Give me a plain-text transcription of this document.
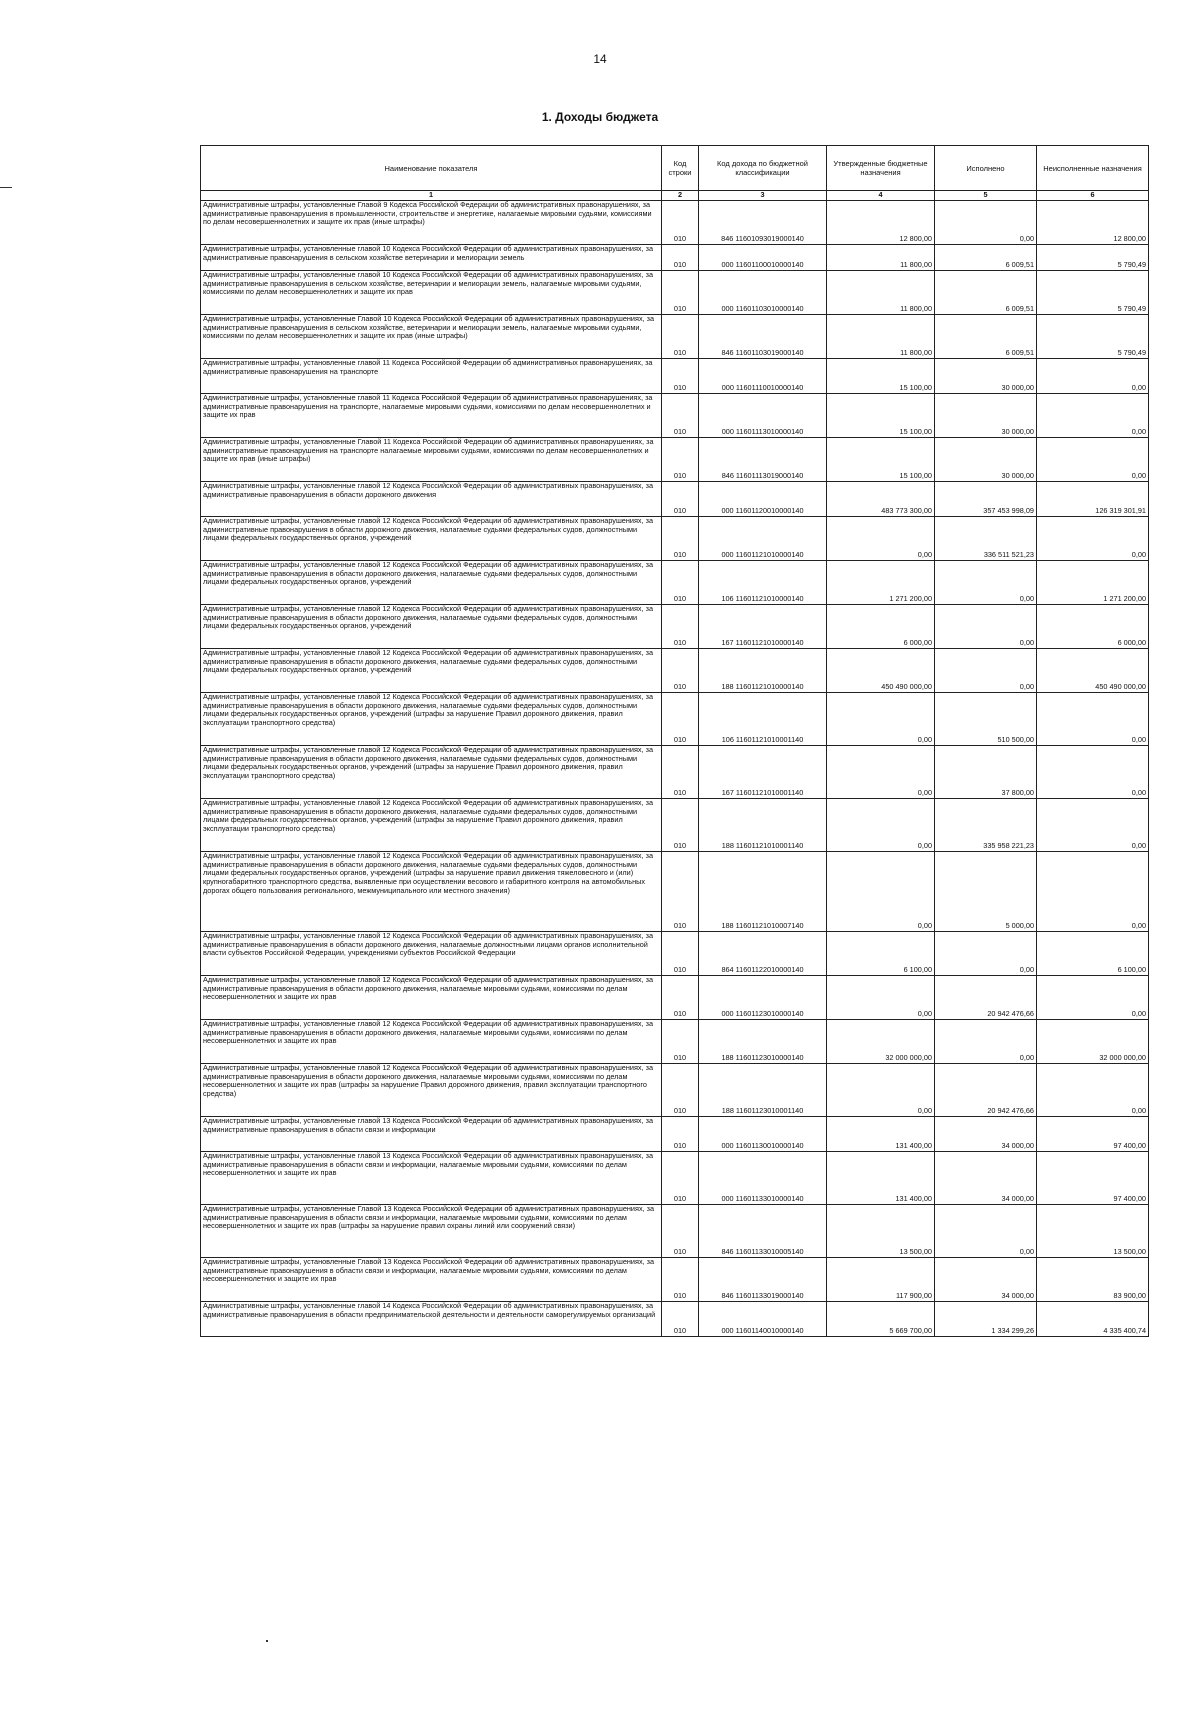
14
1. Доходы бюджета
Наименование показателя	Код строки	Код дохода по бюджетной классификации	Утвержденные бюджетные назначения	Исполнено	Неисполненные назначения
1	2	3	4	5	6
Административные штрафы, установленные Главой 9 Кодекса Российской Федерации об административных правонарушениях, за административные правонарушения в промышленности, строительстве и энергетике, налагаемые мировыми судьями, комиссиями по делам несовершеннолетних и защите их прав (иные штрафы)	010	846 11601093019000140	12 800,00	0,00	12 800,00
Административные штрафы, установленные главой 10 Кодекса Российской Федерации об административных правонарушениях, за административные правонарушения в сельском хозяйстве ветеринарии и мелиорации земель	010	000 11601100010000140	11 800,00	6 009,51	5 790,49
Административные штрафы, установленные главой 10 Кодекса Российской Федерации об административных правонарушениях, за административные правонарушения в сельском хозяйстве, ветеринарии и мелиорации земель, налагаемые мировыми судьями, комиссиями по делам несовершеннолетних и защите их прав	010	000 11601103010000140	11 800,00	6 009,51	5 790,49
Административные штрафы, установленные Главой 10 Кодекса Российской Федерации об административных правонарушениях, за административные правонарушения в сельском хозяйстве, ветеринарии и мелиорации земель, налагаемые мировыми судьями, комиссиями по делам несовершеннолетних и защите их прав (иные штрафы)	010	846 11601103019000140	11 800,00	6 009,51	5 790,49
Административные штрафы, установленные главой 11 Кодекса Российской Федерации об административных правонарушениях, за административные правонарушения на транспорте	010	000 11601110010000140	15 100,00	30 000,00	0,00
Административные штрафы, установленные главой 11 Кодекса Российской Федерации об административных правонарушениях, за административные правонарушения на транспорте, налагаемые мировыми судьями, комиссиями по делам несовершеннолетних и защите их прав	010	000 11601113010000140	15 100,00	30 000,00	0,00
Административные штрафы, установленные Главой 11 Кодекса Российской Федерации об административных правонарушениях, за административные правонарушения на транспорте налагаемые мировыми судьями, комиссиями по делам несовершеннолетних и защите их прав (иные штрафы)	010	846 11601113019000140	15 100,00	30 000,00	0,00
Административные штрафы, установленные главой 12 Кодекса Российской Федерации об административных правонарушениях, за административные правонарушения в области дорожного движения	010	000 11601120010000140	483 773 300,00	357 453 998,09	126 319 301,91
Административные штрафы, установленные главой 12 Кодекса Российской Федерации об административных правонарушениях, за административные правонарушения в области дорожного движения, налагаемые судьями федеральных судов, должностными лицами федеральных государственных органов, учреждений	010	000 11601121010000140	0,00	336 511 521,23	0,00
Административные штрафы, установленные главой 12 Кодекса Российской Федерации об административных правонарушениях, за административные правонарушения в области дорожного движения, налагаемые судьями федеральных судов, должностными лицами федеральных государственных органов, учреждений	010	106 11601121010000140	1 271 200,00	0,00	1 271 200,00
Административные штрафы, установленные главой 12 Кодекса Российской Федерации об административных правонарушениях, за административные правонарушения в области дорожного движения, налагаемые судьями федеральных судов, должностными лицами федеральных государственных органов, учреждений	010	167 11601121010000140	6 000,00	0,00	6 000,00
Административные штрафы, установленные главой 12 Кодекса Российской Федерации об административных правонарушениях, за административные правонарушения в области дорожного движения, налагаемые судьями федеральных судов, должностными лицами федеральных государственных органов, учреждений	010	188 11601121010000140	450 490 000,00	0,00	450 490 000,00
Административные штрафы, установленные главой 12 Кодекса Российской Федерации об административных правонарушениях, за административные правонарушения в области дорожного движения, налагаемые судьями федеральных судов, должностными лицами федеральных государственных органов, учреждений (штрафы за нарушение Правил дорожного движения, правил эксплуатации транспортного средства)	010	106 11601121010001140	0,00	510 500,00	0,00
Административные штрафы, установленные главой 12 Кодекса Российской Федерации об административных правонарушениях, за административные правонарушения в области дорожного движения, налагаемые судьями федеральных судов, должностными лицами федеральных государственных органов, учреждений (штрафы за нарушение Правил дорожного движения, правил эксплуатации транспортного средства)	010	167 11601121010001140	0,00	37 800,00	0,00
Административные штрафы, установленные главой 12 Кодекса Российской Федерации об административных правонарушениях, за административные правонарушения в области дорожного движения, налагаемые судьями федеральных судов, должностными лицами федеральных государственных органов, учреждений (штрафы за нарушение Правил дорожного движения, правил эксплуатации транспортного средства)	010	188 11601121010001140	0,00	335 958 221,23	0,00
Административные штрафы, установленные главой 12 Кодекса Российской Федерации об административных правонарушениях, за административные правонарушения в области дорожного движения, налагаемые судьями федеральных судов, должностными лицами федеральных государственных органов, учреждений (штрафы за нарушение правил движения тяжеловесного и (или) крупногабаритного транспортного средства, выявленные при осуществлении весового и габаритного контроля на автомобильных дорогах общего пользования регионального, межмуниципального или местного значения)	010	188 11601121010007140	0,00	5 000,00	0,00
Административные штрафы, установленные главой 12 Кодекса Российской Федерации об административных правонарушениях, за административные правонарушения в области дорожного движения, налагаемые должностными лицами органов исполнительной власти субъектов Российской Федерации, учреждениями субъектов Российской Федерации	010	864 11601122010000140	6 100,00	0,00	6 100,00
Административные штрафы, установленные главой 12 Кодекса Российской Федерации об административных правонарушениях, за административные правонарушения в области дорожного движения, налагаемые мировыми судьями, комиссиями по делам несовершеннолетних и защите их прав	010	000 11601123010000140	0,00	20 942 476,66	0,00
Административные штрафы, установленные главой 12 Кодекса Российской Федерации об административных правонарушениях, за административные правонарушения в области дорожного движения, налагаемые мировыми судьями, комиссиями по делам несовершеннолетних и защите их прав	010	188 11601123010000140	32 000 000,00	0,00	32 000 000,00
Административные штрафы, установленные главой 12 Кодекса Российской Федерации об административных правонарушениях, за административные правонарушения в области дорожного движения, налагаемые мировыми судьями, комиссиями по делам несовершеннолетних и защите их прав (штрафы за нарушение Правил дорожного движения, правил эксплуатации транспортного средства)	010	188 11601123010001140	0,00	20 942 476,66	0,00
Административные штрафы, установленные главой 13 Кодекса Российской Федерации об административных правонарушениях, за административные правонарушения в области связи и информации	010	000 11601130010000140	131 400,00	34 000,00	97 400,00
Административные штрафы, установленные главой 13 Кодекса Российской Федерации об административных правонарушениях, за административные правонарушения в области связи и информации, налагаемые мировыми судьями, комиссиями по делам несовершеннолетних и защите их прав	010	000 11601133010000140	131 400,00	34 000,00	97 400,00
Административные штрафы, установленные Главой 13 Кодекса Российской Федерации об административных правонарушениях, за административные правонарушения в области связи и информации, налагаемые мировыми судьями, комиссиями по делам несовершеннолетних и защите их прав (штрафы за нарушение правил охраны линий или сооружений связи)	010	846 11601133010005140	13 500,00	0,00	13 500,00
Административные штрафы, установленные Главой 13 Кодекса Российской Федерации об административных правонарушениях, за административные правонарушения в области связи и информации, налагаемые мировыми судьями, комиссиями по делам несовершеннолетних и защите их прав	010	846 11601133019000140	117 900,00	34 000,00	83 900,00
Административные штрафы, установленные главой 14 Кодекса Российской Федерации об административных правонарушениях, за административные правонарушения в области предпринимательской деятельности и деятельности саморегулируемых организаций	010	000 11601140010000140	5 669 700,00	1 334 299,26	4 335 400,74
